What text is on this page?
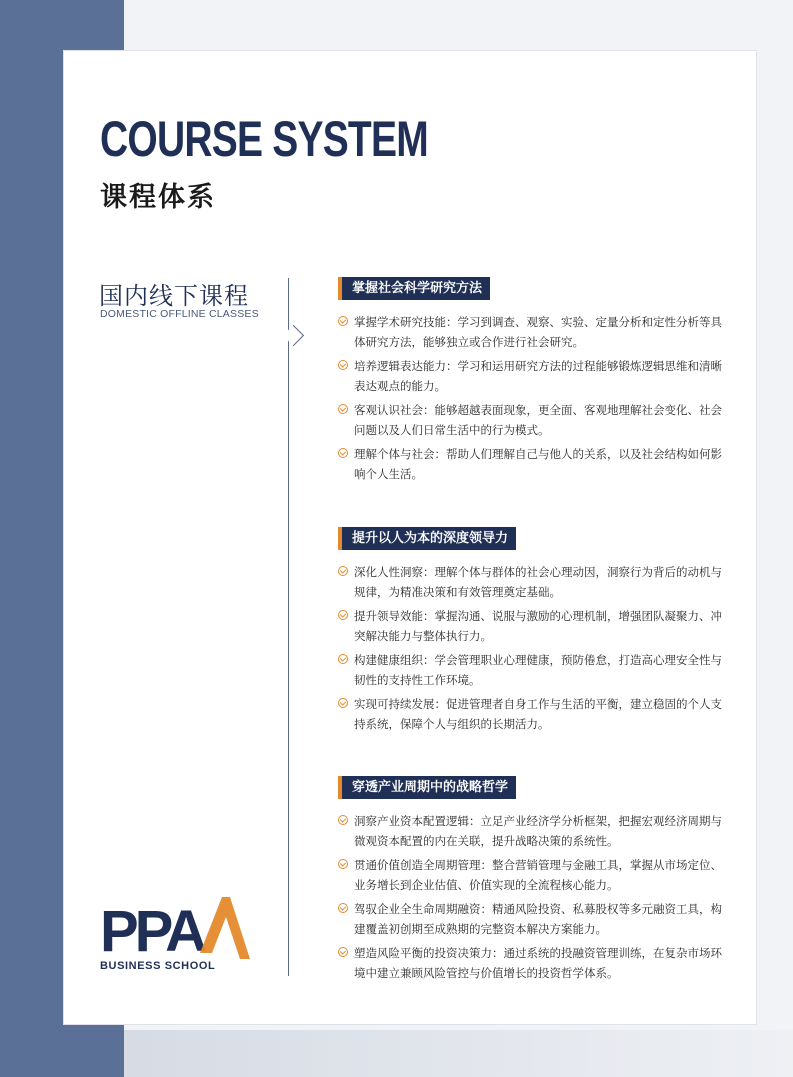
COURSE SYSTEM
课程体系
国内线下课程
DOMESTIC OFFLINE CLASSES
掌握社会科学研究方法
掌握学术研究技能：学习到调查、观察、实验、定量分析和定性分析等具体研究方法，能够独立或合作进行社会研究。
培养逻辑表达能力：学习和运用研究方法的过程能够锻炼逻辑思维和清晰表达观点的能力。
客观认识社会：能够超越表面现象，更全面、客观地理解社会变化、社会问题以及人们日常生活中的行为模式。
理解个体与社会：帮助人们理解自己与他人的关系，以及社会结构如何影响个人生活。
提升以人为本的深度领导力
深化人性洞察：理解个体与群体的社会心理动因，洞察行为背后的动机与规律，为精准决策和有效管理奠定基础。
提升领导效能：掌握沟通、说服与激励的心理机制，增强团队凝聚力、冲突解决能力与整体执行力。
构建健康组织：学会管理职业心理健康，预防倦怠，打造高心理安全性与韧性的支持性工作环境。
实现可持续发展：促进管理者自身工作与生活的平衡，建立稳固的个人支持系统，保障个人与组织的长期活力。
穿透产业周期中的战略哲学
洞察产业资本配置逻辑：立足产业经济学分析框架，把握宏观经济周期与微观资本配置的内在关联，提升战略决策的系统性。
贯通价值创造全周期管理：整合营销管理与金融工具，掌握从市场定位、业务增长到企业估值、价值实现的全流程核心能力。
驾驭企业全生命周期融资：精通风险投资、私募股权等多元融资工具，构建覆盖初创期至成熟期的完整资本解决方案能力。
塑造风险平衡的投资决策力：通过系统的投融资管理训练，在复杂市场环境中建立兼顾风险管控与价值增长的投资哲学体系。
PPA
BUSINESS SCHOOL
